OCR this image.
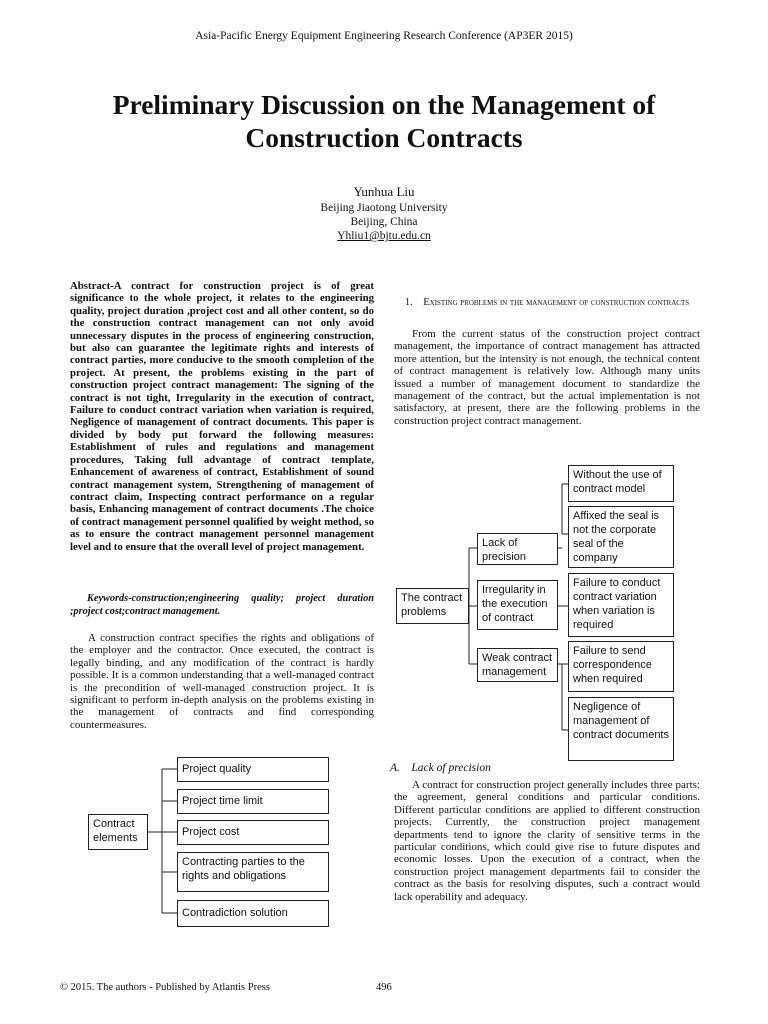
Asia-Pacific Energy Equipment Engineering Research Conference (AP3ER 2015)
Preliminary Discussion on the Management of Construction Contracts
Yunhua Liu
Beijing Jiaotong University
Beijing, China
Yhliu1@bjtu.edu.cn
Abstract-A contract for construction project is of great significance to the whole project, it relates to the engineering quality, project duration ,project cost and all other content, so do the construction contract management can not only avoid unnecessary disputes in the process of engineering construction, but also can guarantee the legitimate rights and interests of contract parties, more conducive to the smooth completion of the project. At present, the problems existing in the part of construction project contract management: The signing of the contract is not tight, Irregularity in the execution of contract, Failure to conduct contract variation when variation is required, Negligence of management of contract documents. This paper is divided by body put forward the following measures: Establishment of rules and regulations and management procedures, Taking full advantage of contract template, Enhancement of awareness of contract, Establishment of sound contract management system, Strengthening of management of contract claim, Inspecting contract performance on a regular basis, Enhancing management of contract documents .The choice of contract management personnel qualified by weight method, so as to ensure the contract management personnel management level and to ensure that the overall level of project management.
Keywords-construction;engineering quality; project duration ;project cost;contract management.

A construction contract specifies the rights and obligations of the employer and the contractor. Once executed, the contract is legally binding, and any modification of the contract is hardly possible. It is a common understanding that a well-managed contract is the precondition of well-managed construction project. It is significant to perform in-depth analysis on the problems existing in the management of contracts and find corresponding countermeasures.

Contract elements
Project quality
Project time limit
Project cost
Contracting parties to the rights and obligations
Contradiction solution
1. Existing problems in the management of construction contracts

From the current status of the construction project contract management, the importance of contract management has attracted more attention, but the intensity is not enough, the technical content of contract management is relatively low. Although many units issued a number of management document to standardize the management of the contract, but the actual implementation is not satisfactory, at present, there are the following problems in the construction project contract management.

The contract problems
Lack of precision
Irregularity in the execution of contract
Weak contract management
Without the use of contract model
Affixed the seal is not the corporate seal of the company
Failure to conduct contract variation when variation is required
Failure to send correspondence when required
Negligence of management of contract documents
A. Lack of precision

A contract for construction project generally includes three parts: the agreement, general conditions and particular conditions. Different particular conditions are applied to different construction projects. Currently, the construction project management departments tend to ignore the clarity of sensitive terms in the particular conditions, which could give rise to future disputes and economic losses. Upon the execution of a contract, when the construction project management departments fail to consider the contract as the basis for resolving disputes, such a contract would lack operability and adequacy.

© 2015. The authors - Published by Atlantis Press	496
